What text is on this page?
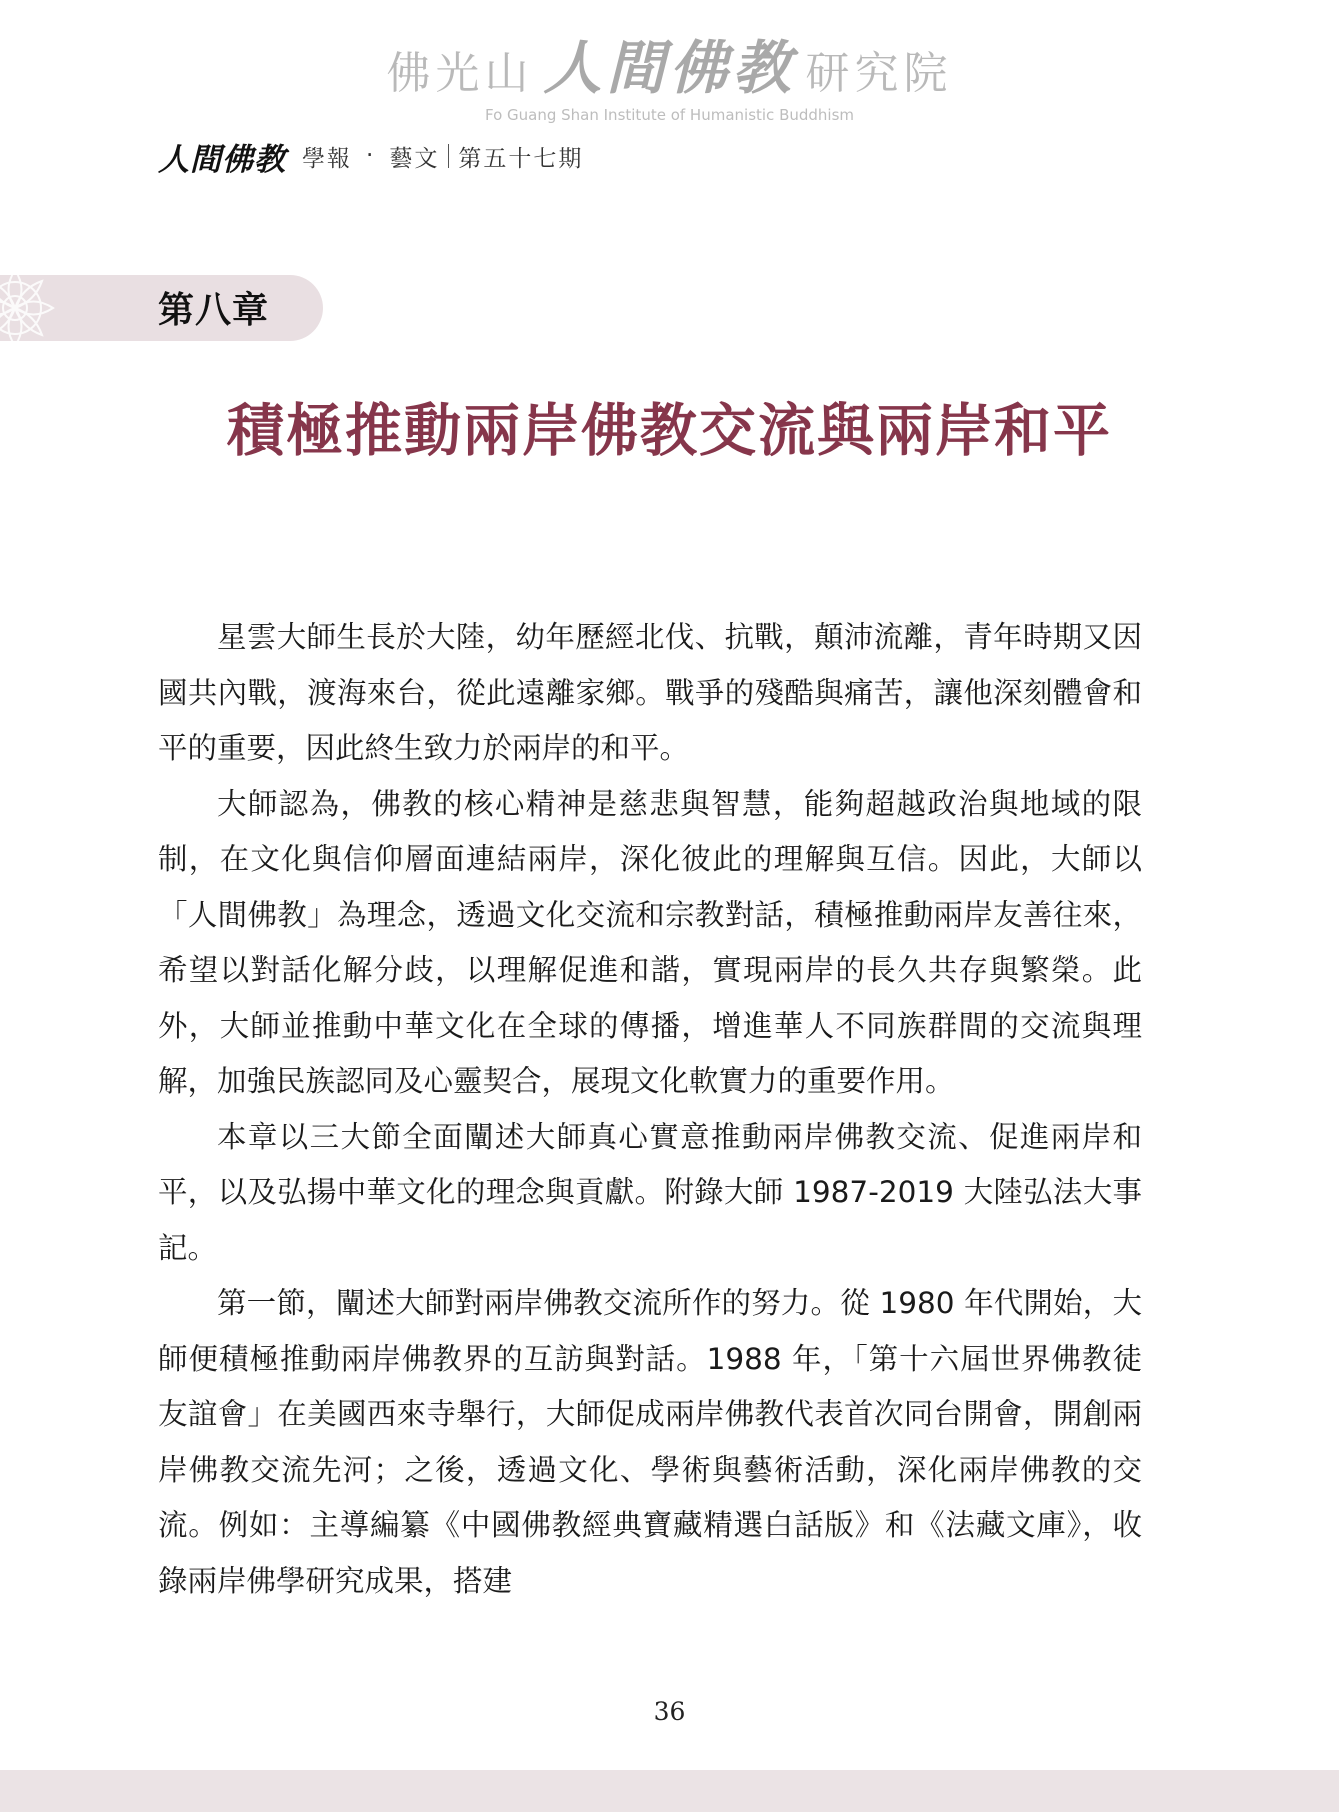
佛光山 人間佛教 研究院
Fo Guang Shan Institute of Humanistic Buddhism
人間佛教 學報 ‧ 藝文 第五十七期
第八章
積極推動兩岸佛教交流與兩岸和平

星雲大師生長於大陸，幼年歷經北伐、抗戰，顛沛流離，青年時期又因國共內戰，渡海來台，從此遠離家鄉。戰爭的殘酷與痛苦，讓他深刻體會和平的重要，因此終生致力於兩岸的和平。

大師認為，佛教的核心精神是慈悲與智慧，能夠超越政治與地域的限制，在文化與信仰層面連結兩岸，深化彼此的理解與互信。因此，大師以「人間佛教」為理念，透過文化交流和宗教對話，積極推動兩岸友善往來，希望以對話化解分歧，以理解促進和諧，實現兩岸的長久共存與繁榮。此外，大師並推動中華文化在全球的傳播，增進華人不同族群間的交流與理解，加強民族認同及心靈契合，展現文化軟實力的重要作用。

本章以三大節全面闡述大師真心實意推動兩岸佛教交流、促進兩岸和平，以及弘揚中華文化的理念與貢獻。附錄大師 1987-2019 大陸弘法大事記。

第一節，闡述大師對兩岸佛教交流所作的努力。從 1980 年代開始，大師便積極推動兩岸佛教界的互訪與對話。1988 年，「第十六屆世界佛教徒友誼會」在美國西來寺舉行，大師促成兩岸佛教代表首次同台開會，開創兩岸佛教交流先河；之後，透過文化、學術與藝術活動，深化兩岸佛教的交流。例如：主導編纂《中國佛教經典寶藏精選白話版》和《法藏文庫》，收錄兩岸佛學研究成果，搭建

36
